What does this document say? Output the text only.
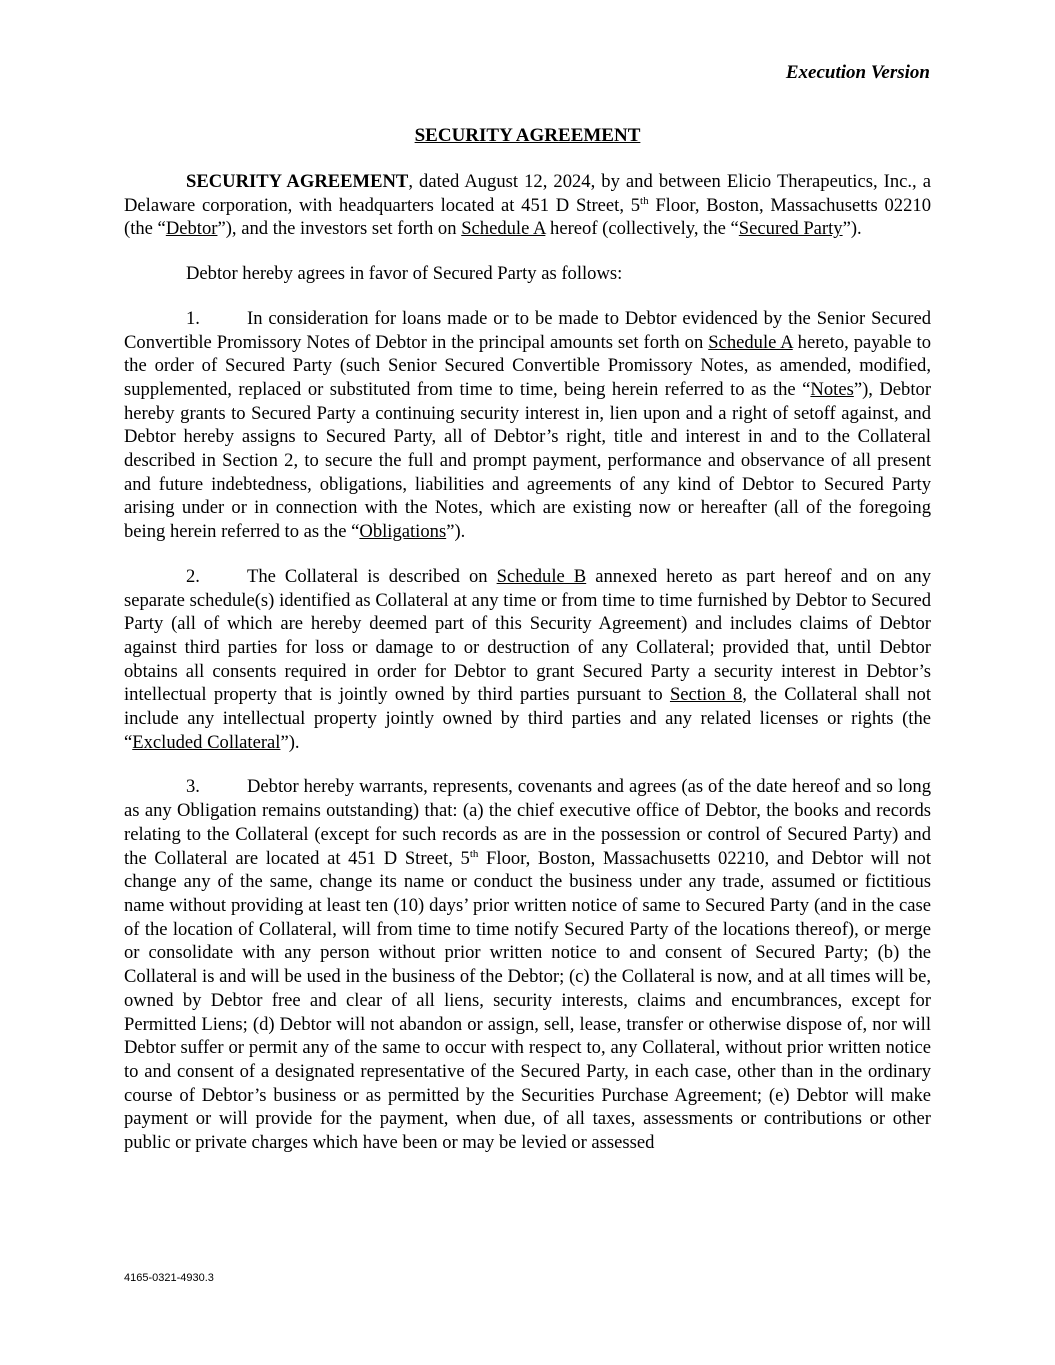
Execution Version
SECURITY AGREEMENT

SECURITY AGREEMENT, dated August 12, 2024, by and between Elicio Therapeutics, Inc., a Delaware corporation, with headquarters located at 451 D Street, 5th Floor, Boston, Massachusetts 02210 (the “Debtor”), and the investors set forth on Schedule A hereof (collectively, the “Secured Party”).

Debtor hereby agrees in favor of Secured Party as follows:

1.	In consideration for loans made or to be made to Debtor evidenced by the Senior Secured Convertible Promissory Notes of Debtor in the principal amounts set forth on Schedule A hereto, payable to the order of Secured Party (such Senior Secured Convertible Promissory Notes, as amended, modified, supplemented, replaced or substituted from time to time, being herein referred to as the “Notes”), Debtor hereby grants to Secured Party a continuing security interest in, lien upon and a right of setoff against, and Debtor hereby assigns to Secured Party, all of Debtor’s right, title and interest in and to the Collateral described in Section 2, to secure the full and prompt payment, performance and observance of all present and future indebtedness, obligations, liabilities and agreements of any kind of Debtor to Secured Party arising under or in connection with the Notes, which are existing now or hereafter (all of the foregoing being herein referred to as the “Obligations”).

2.	The Collateral is described on Schedule B annexed hereto as part hereof and on any separate schedule(s) identified as Collateral at any time or from time to time furnished by Debtor to Secured Party (all of which are hereby deemed part of this Security Agreement) and includes claims of Debtor against third parties for loss or damage to or destruction of any Collateral; provided that, until Debtor obtains all consents required in order for Debtor to grant Secured Party a security interest in Debtor’s intellectual property that is jointly owned by third parties pursuant to Section 8, the Collateral shall not include any intellectual property jointly owned by third parties and any related licenses or rights (the “Excluded Collateral”).

3.	Debtor hereby warrants, represents, covenants and agrees (as of the date hereof and so long as any Obligation remains outstanding) that: (a) the chief executive office of Debtor, the books and records relating to the Collateral (except for such records as are in the possession or control of Secured Party) and the Collateral are located at 451 D Street, 5th Floor, Boston, Massachusetts 02210, and Debtor will not change any of the same, change its name or conduct the business under any trade, assumed or fictitious name without providing at least ten (10) days’ prior written notice of same to Secured Party (and in the case of the location of Collateral, will from time to time notify Secured Party of the locations thereof), or merge or consolidate with any person without prior written notice to and consent of Secured Party; (b) the Collateral is and will be used in the business of the Debtor; (c) the Collateral is now, and at all times will be, owned by Debtor free and clear of all liens, security interests, claims and encumbrances, except for Permitted Liens; (d) Debtor will not abandon or assign, sell, lease, transfer or otherwise dispose of, nor will Debtor suffer or permit any of the same to occur with respect to, any Collateral, without prior written notice to and consent of a designated representative of the Secured Party, in each case, other than in the ordinary course of Debtor’s business or as permitted by the Securities Purchase Agreement; (e) Debtor will make payment or will provide for the payment, when due, of all taxes, assessments or contributions or other public or private charges which have been or may be levied or assessed

4165-0321-4930.3
